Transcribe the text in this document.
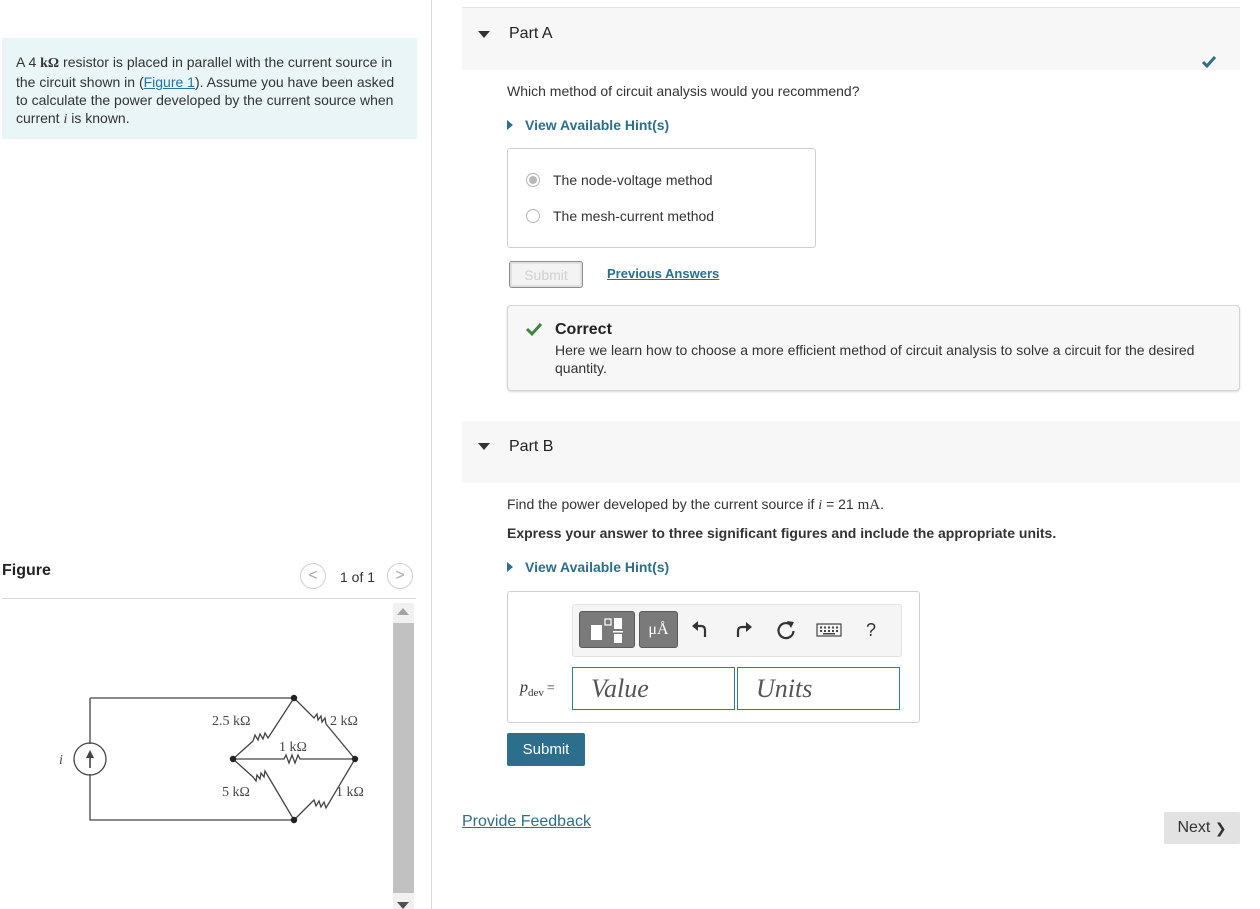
A 4 kΩ resistor is placed in parallel with the current source in the circuit shown in (Figure 1). Assume you have been asked to calculate the power developed by the current source when current i is known.
Figure	< 1 of 1 >
i
2.5 kΩ	2 kΩ
1 kΩ
5 kΩ	1 kΩ
Part A
Which method of circuit analysis would you recommend?
View Available Hint(s)
The node-voltage method
The mesh-current method
Submit	Previous Answers
Correct
Here we learn how to choose a more efficient method of circuit analysis to solve a circuit for the desired quantity.
Part B
Find the power developed by the current source if i = 21 mA.
Express your answer to three significant figures and include the appropriate units.
View Available Hint(s)
μÅ	?
$p_{dev}$ =	Value	Units
Submit
Provide Feedback	Next
❯
